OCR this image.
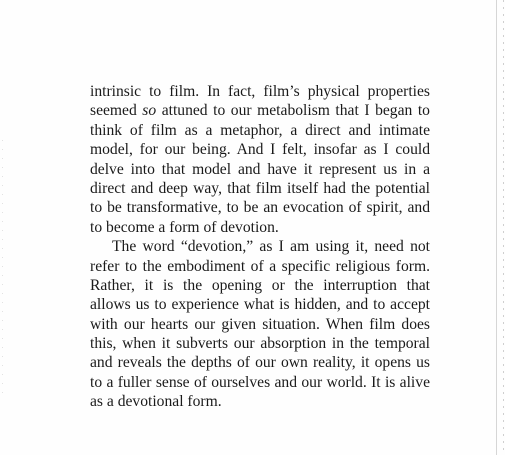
intrinsic to film. In fact, film’s physical properties
seemed so attuned to our metabolism that I began to
think of film as a metaphor, a direct and intimate
model, for our being. And I felt, insofar as I could
delve into that model and have it represent us in a
direct and deep way, that film itself had the potential
to be transformative, to be an evocation of spirit, and
to become a form of devotion.
The word “devotion,” as I am using it, need not
refer to the embodiment of a specific religious form.
Rather, it is the opening or the interruption that
allows us to experience what is hidden, and to accept
with our hearts our given situation. When film does
this, when it subverts our absorption in the temporal
and reveals the depths of our own reality, it opens us
to a fuller sense of ourselves and our world. It is alive
as a devotional form.
